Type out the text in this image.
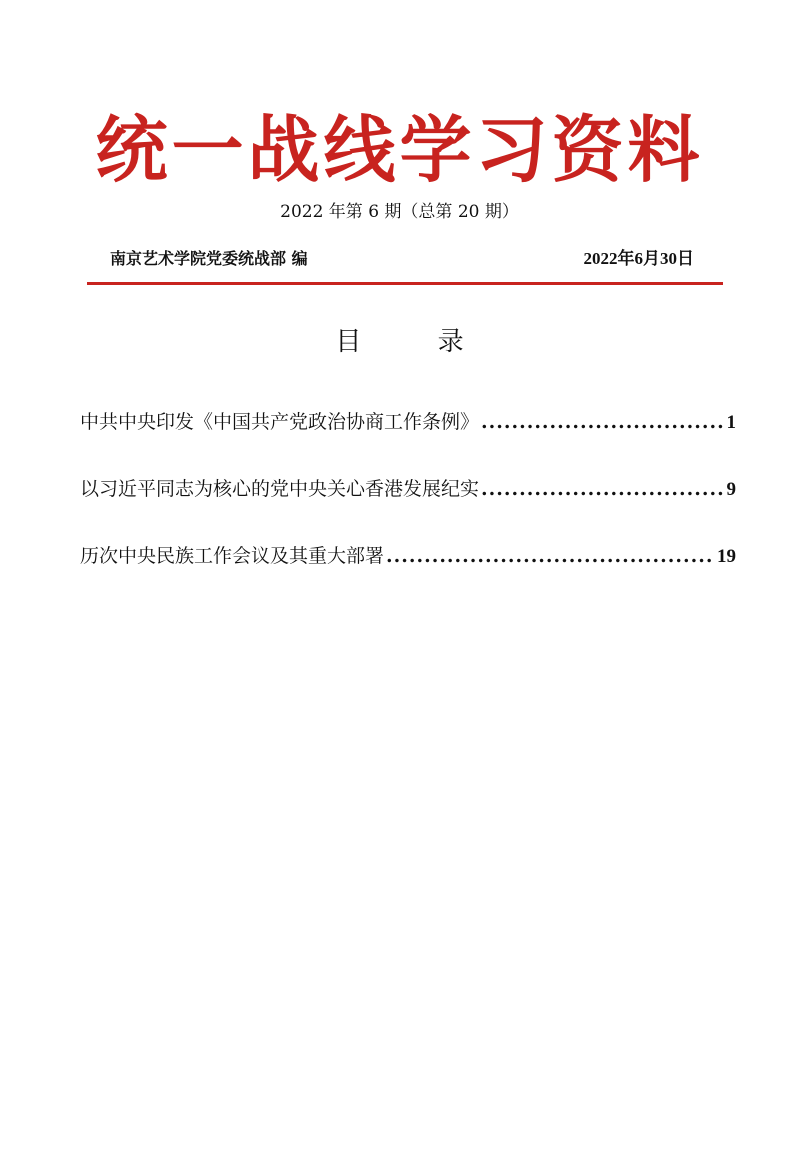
统一战线学习资料
2022 年第 6 期（总第 20 期）
南京艺术学院党委统战部 编	2022年6月30日
目 录
中共中央印发《中国共产党政治协商工作条例》 .....	1
以习近平同志为核心的党中央关心香港发展纪实 .....	9
历次中央民族工作会议及其重大部署 .....	19
